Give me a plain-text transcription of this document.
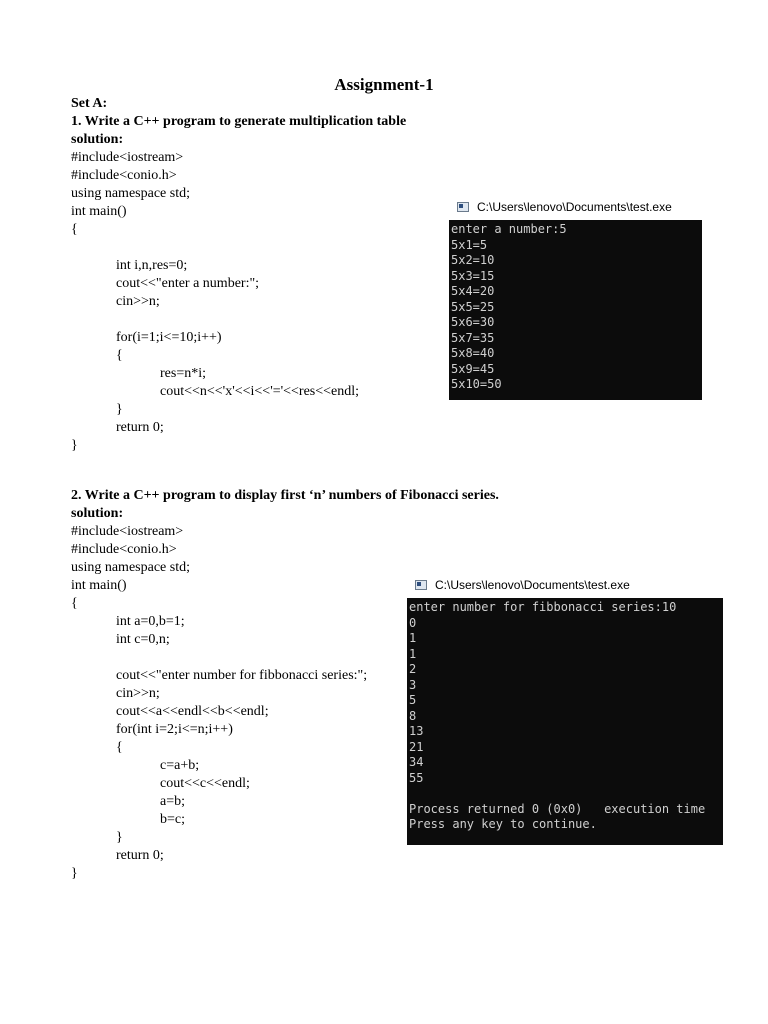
Assignment-1
Set A:
1. Write a C++ program to generate multiplication table
solution:
#include<iostream>
#include<conio.h>
using namespace std;
int main()
{
int i,n,res=0;
cout<<"enter a number:";
cin>>n;
for(i=1;i<=10;i++)
{
res=n*i;
cout<<n<<'x'<<i<<'='<<res<<endl;
}
return 0;
}
C:\Users\lenovo\Documents\test.exe
enter a number:5
5x1=5
5x2=10
5x3=15
5x4=20
5x5=25
5x6=30
5x7=35
5x8=40
5x9=45
5x10=50
2. Write a C++ program to display first ‘n’ numbers of Fibonacci series.
solution:
#include<iostream>
#include<conio.h>
using namespace std;
int main()
{
int a=0,b=1;
int c=0,n;
cout<<"enter number for fibbonacci series:";
cin>>n;
cout<<a<<endl<<b<<endl;
for(int i=2;i<=n;i++)
{
c=a+b;
cout<<c<<endl;
a=b;
b=c;
}
return 0;
}
C:\Users\lenovo\Documents\test.exe
enter number for fibbonacci series:10
0
1
1
2
3
5
8
13
21
34
55
Process returned 0 (0x0)   execution time
Press any key to continue.
